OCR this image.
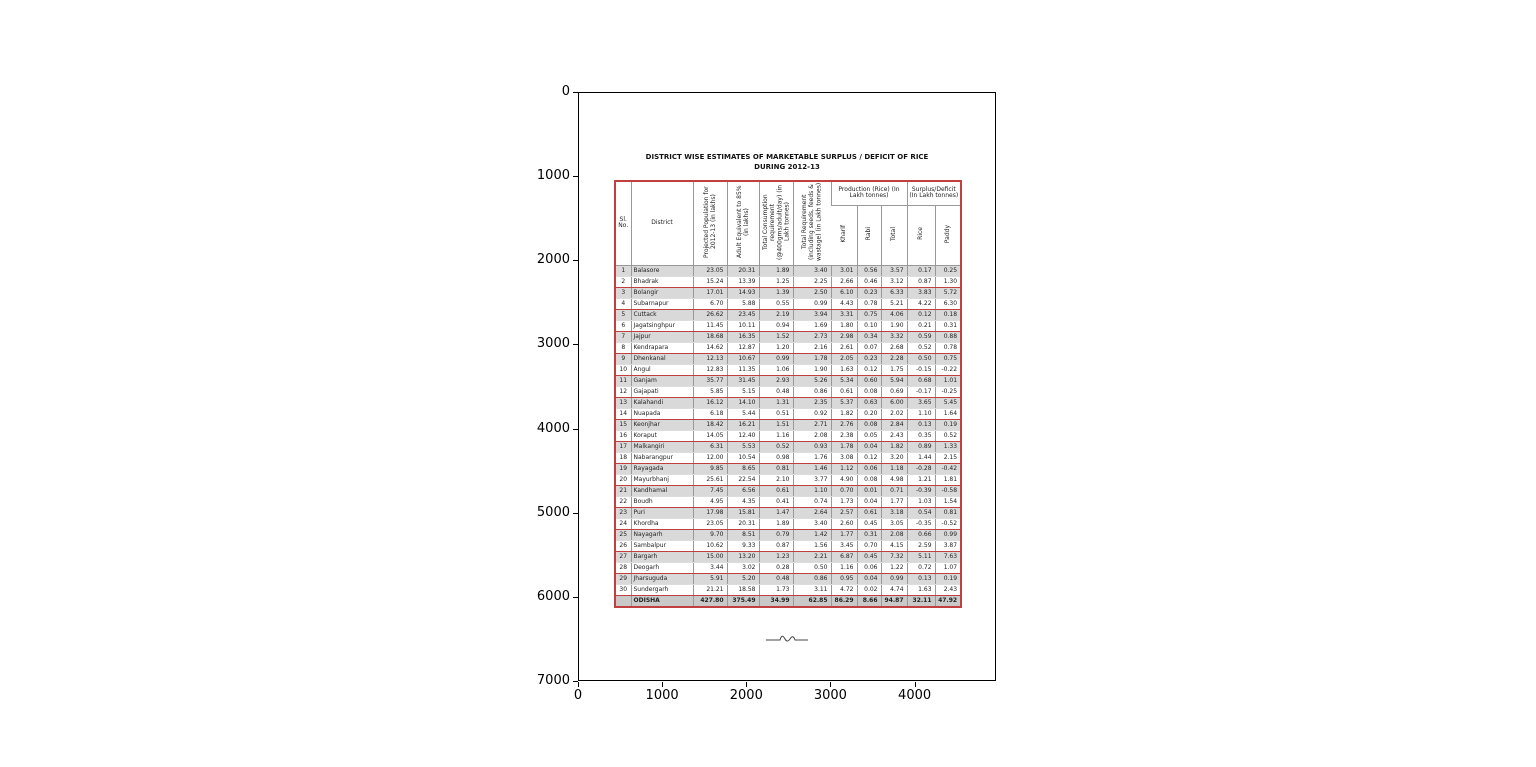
0
1000
2000
3000
4000
5000
6000
7000
0	1000	2000	3000	4000
DISTRICT WISE ESTIMATES OF MARKETABLE SURPLUS / DEFICIT OF RICE
DURING 2012-13
Sl. No.	District	Projected Population for 2012-13 (in lakhs)	Adult Equivalent to 85% (in lakhs)	Total Consumption requirement (@400gms/adult/day) (in Lakh tonnes)	Total Requirement (including seeds, feeds & wastage) (in Lakh tonnes)	Production (Rice) (In Lakh tonnes)			Surplus/Deficit (In Lakh tonnes)	
						Kharif	Rabi	Total	Rice	Paddy
1	Balasore	23.05	20.31	1.89	3.40	3.01	0.56	3.57	0.17	0.25
2	Bhadrak	15.24	13.39	1.25	2.25	2.66	0.46	3.12	0.87	1.30
3	Bolangir	17.01	14.93	1.39	2.50	6.10	0.23	6.33	3.83	5.72
4	Subarnapur	6.70	5.88	0.55	0.99	4.43	0.78	5.21	4.22	6.30
5	Cuttack	26.62	23.45	2.19	3.94	3.31	0.75	4.06	0.12	0.18
6	Jagatsinghpur	11.45	10.11	0.94	1.69	1.80	0.10	1.90	0.21	0.31
7	Jajpur	18.68	16.35	1.52	2.73	2.98	0.34	3.32	0.59	0.88
8	Kendrapara	14.62	12.87	1.20	2.16	2.61	0.07	2.68	0.52	0.78
9	Dhenkanal	12.13	10.67	0.99	1.78	2.05	0.23	2.28	0.50	0.75
10	Angul	12.83	11.35	1.06	1.90	1.63	0.12	1.75	-0.15	-0.22
11	Ganjam	35.77	31.45	2.93	5.26	5.34	0.60	5.94	0.68	1.01
12	Gajapati	5.85	5.15	0.48	0.86	0.61	0.08	0.69	-0.17	-0.25
13	Kalahandi	16.12	14.10	1.31	2.35	5.37	0.63	6.00	3.65	5.45
14	Nuapada	6.18	5.44	0.51	0.92	1.82	0.20	2.02	1.10	1.64
15	Keonjhar	18.42	16.21	1.51	2.71	2.76	0.08	2.84	0.13	0.19
16	Koraput	14.05	12.40	1.16	2.08	2.38	0.05	2.43	0.35	0.52
17	Malkangiri	6.31	5.53	0.52	0.93	1.78	0.04	1.82	0.89	1.33
18	Nabarangpur	12.00	10.54	0.98	1.76	3.08	0.12	3.20	1.44	2.15
19	Rayagada	9.85	8.65	0.81	1.46	1.12	0.06	1.18	-0.28	-0.42
20	Mayurbhanj	25.61	22.54	2.10	3.77	4.90	0.08	4.98	1.21	1.81
21	Kandhamal	7.45	6.56	0.61	1.10	0.70	0.01	0.71	-0.39	-0.58
22	Boudh	4.95	4.35	0.41	0.74	1.73	0.04	1.77	1.03	1.54
23	Puri	17.98	15.81	1.47	2.64	2.57	0.61	3.18	0.54	0.81
24	Khordha	23.05	20.31	1.89	3.40	2.60	0.45	3.05	-0.35	-0.52
25	Nayagarh	9.70	8.51	0.79	1.42	1.77	0.31	2.08	0.66	0.99
26	Sambalpur	10.62	9.33	0.87	1.56	3.45	0.70	4.15	2.59	3.87
27	Bargarh	15.00	13.20	1.23	2.21	6.87	0.45	7.32	5.11	7.63
28	Deogarh	3.44	3.02	0.28	0.50	1.16	0.06	1.22	0.72	1.07
29	Jharsuguda	5.91	5.20	0.48	0.86	0.95	0.04	0.99	0.13	0.19
30	Sundergarh	21.21	18.58	1.73	3.11	4.72	0.02	4.74	1.63	2.43
	ODISHA	427.80	375.49	34.99	62.85	86.29	8.66	94.87	32.11	47.92
